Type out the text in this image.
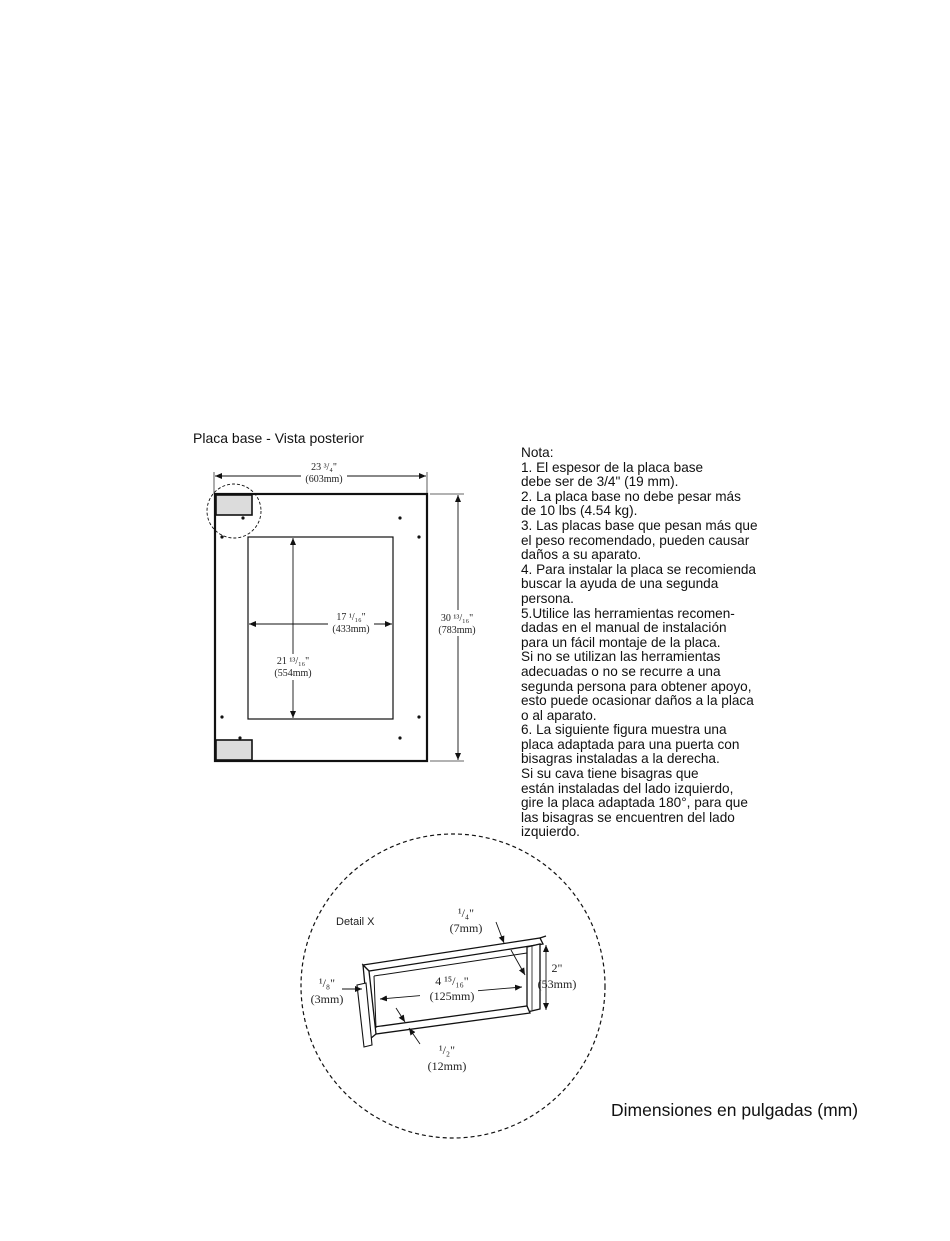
Placa base - Vista posterior
23 ³/₄"
(603mm)
30 ¹³/₁₆"
(783mm)
17 ¹/₁₆"
(433mm)
21 ¹³/₁₆"
(554mm)
Detail X
¹/₄"
(7mm)
2"
(53mm)
4 ¹⁵/₁₆"
(125mm)
¹/₈"
(3mm)
¹/₂"
(12mm)
Nota:
1. El espesor de la placa base
debe ser de 3/4" (19 mm).
2. La placa base no debe pesar más
de 10 lbs (4.54 kg).
3. Las placas base que pesan más que
el peso recomendado, pueden causar
daños a su aparato.
4. Para instalar la placa se recomienda
buscar la ayuda de una segunda
persona.
5.Utilice las herramientas recomen-
dadas en el manual de instalación
para un fácil montaje de la placa.
Si no se utilizan las herramientas
adecuadas o no se recurre a una
segunda persona para obtener apoyo,
esto puede ocasionar daños a la placa
o al aparato.
6. La siguiente figura muestra una
placa adaptada para una puerta con
bisagras instaladas a la derecha.
Si su cava tiene bisagras que
están instaladas del lado izquierdo,
gire la placa adaptada 180°, para que
las bisagras se encuentren del lado
izquierdo.
Dimensiones en pulgadas (mm)
